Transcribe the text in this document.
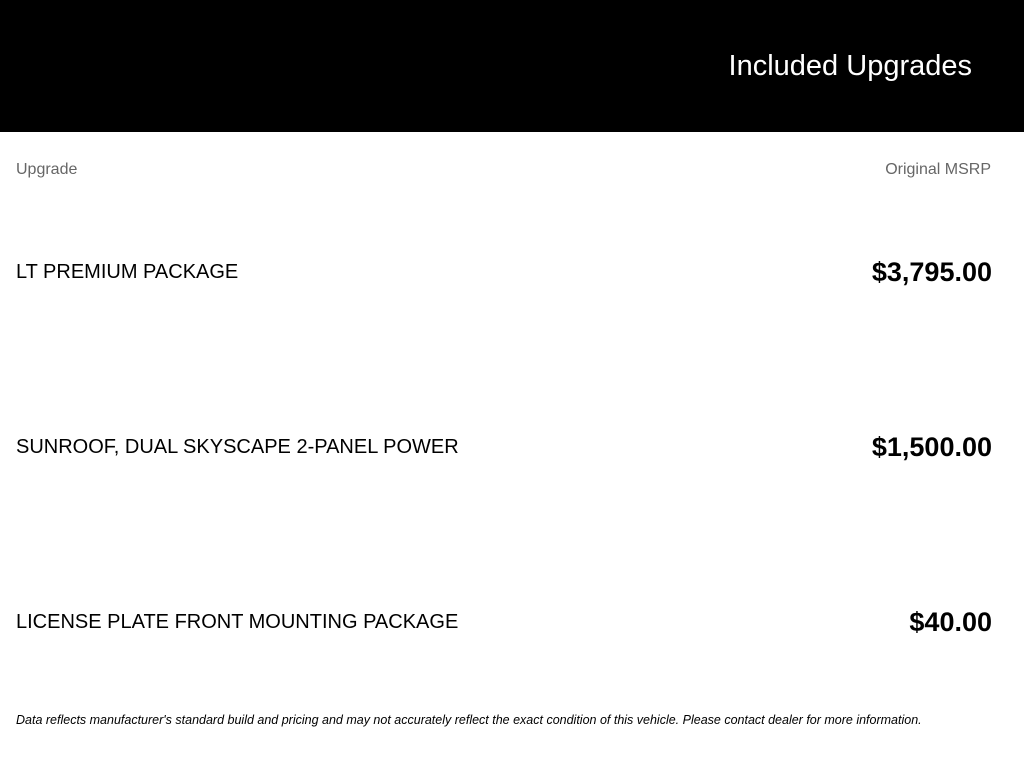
Included Upgrades
Upgrade	Original MSRP
LT PREMIUM PACKAGE	$3,795.00
SUNROOF, DUAL SKYSCAPE 2-PANEL POWER	$1,500.00
LICENSE PLATE FRONT MOUNTING PACKAGE	$40.00
Data reflects manufacturer's standard build and pricing and may not accurately reflect the exact condition of this vehicle. Please contact dealer for more information.
